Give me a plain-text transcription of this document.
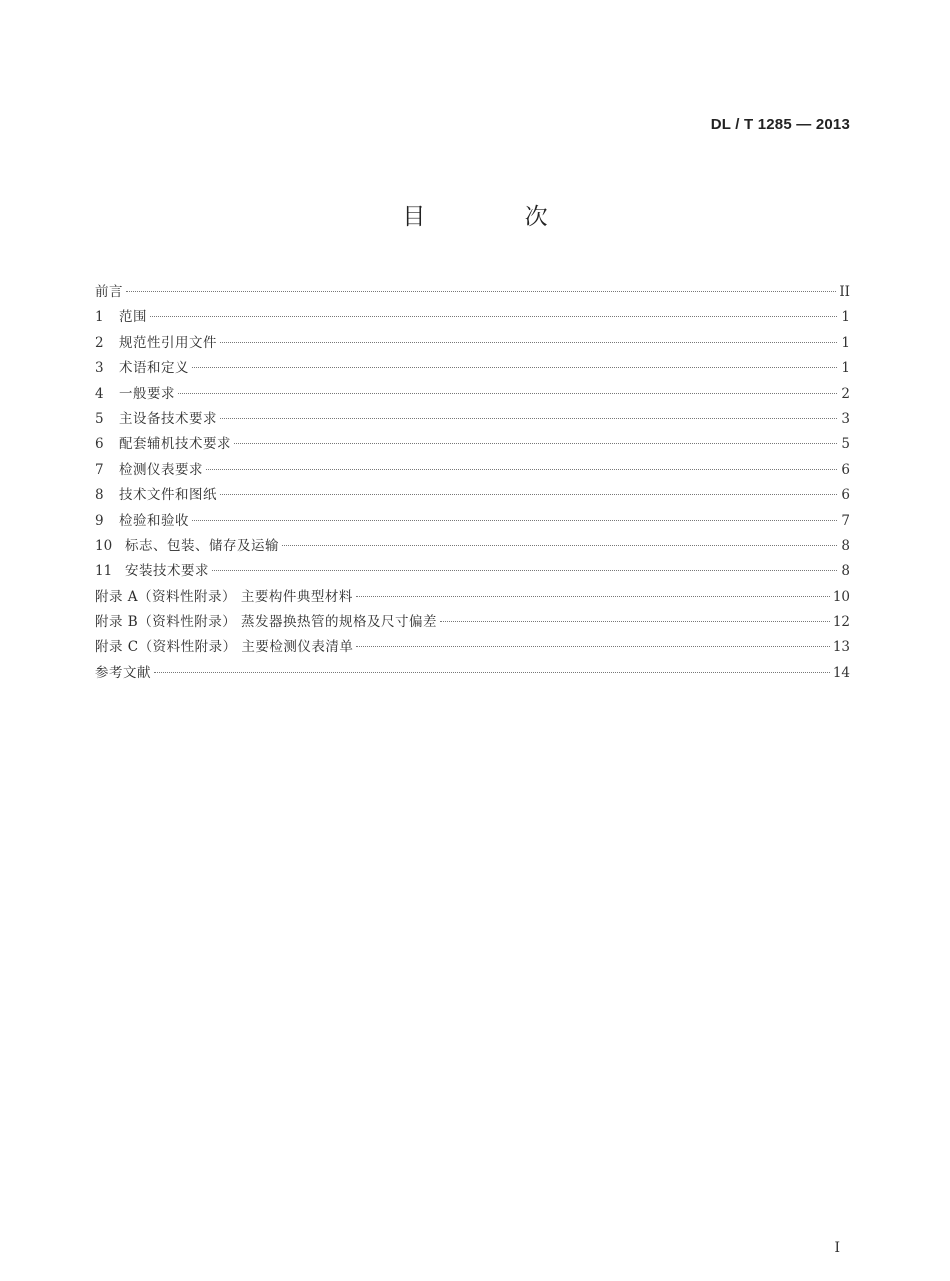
DL / T 1285 — 2013
目 次
前言	II
1	范围	1
2	规范性引用文件	1
3	术语和定义	1
4	一般要求	2
5	主设备技术要求	3
6	配套辅机技术要求	5
7	检测仪表要求	6
8	技术文件和图纸	6
9	检验和验收	7
10 标志、包装、储存及运输	8
11 安装技术要求	8
附录 A（资料性附录） 主要构件典型材料	10
附录 B（资料性附录） 蒸发器换热管的规格及尺寸偏差	12
附录 C（资料性附录） 主要检测仪表清单	13
参考文献	14
I
